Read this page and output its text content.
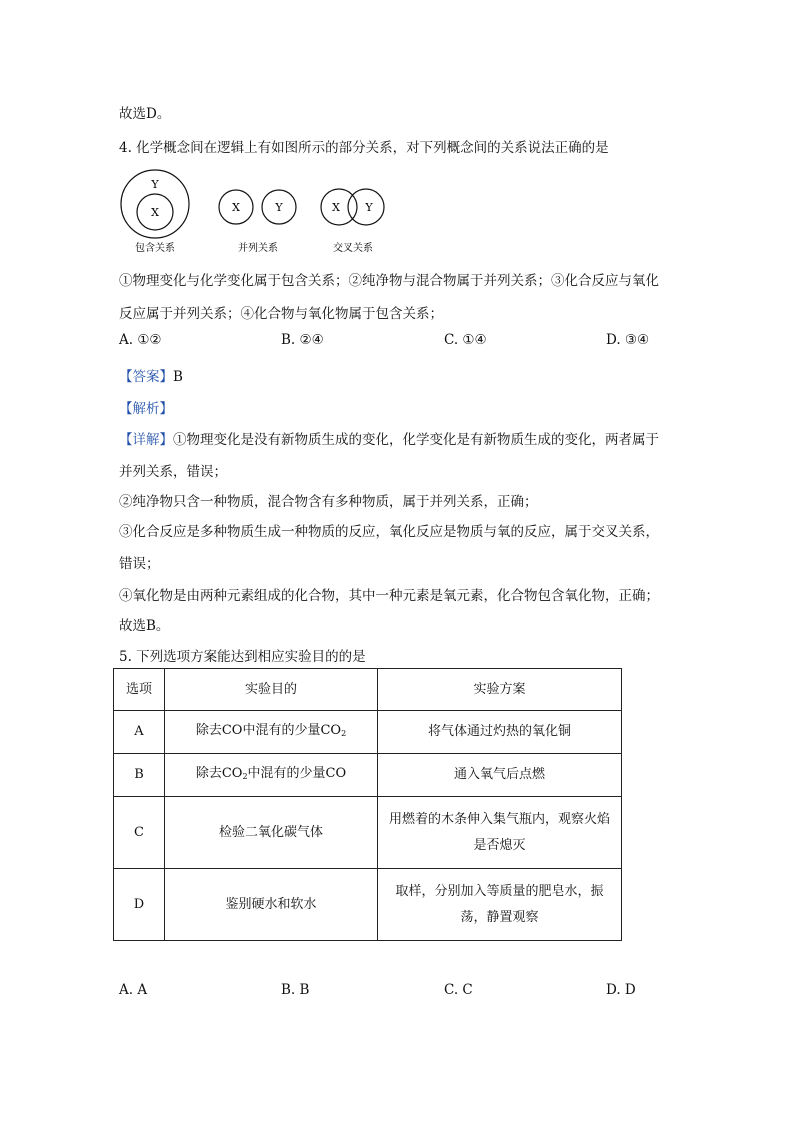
故选D。
4. 化学概念间在逻辑上有如图所示的部分关系，对下列概念间的关系说法正确的是
Y
X
包含关系
X	Y
并列关系
X Y
交叉关系
①物理变化与化学变化属于包含关系；②纯净物与混合物属于并列关系；③化合反应与氧化
反应属于并列关系；④化合物与氧化物属于包含关系；
A. ①②	B. ②④	C. ①④	D. ③④
【答案】B
【解析】
【详解】①物理变化是没有新物质生成的变化，化学变化是有新物质生成的变化，两者属于
并列关系，错误；
②纯净物只含一种物质，混合物含有多种物质，属于并列关系，正确；
③化合反应是多种物质生成一种物质的反应，氧化反应是物质与氧的反应，属于交叉关系，
错误；
④氧化物是由两种元素组成的化合物，其中一种元素是氧元素，化合物包含氧化物，正确；
故选B。
5. 下列选项方案能达到相应实验目的的是
选项	实验目的	实验方案
A	除去CO中混有的少量$CO_2$	将气体通过灼热的氧化铜
B	除去$CO_2$中混有的少量CO	通入氧气后点燃
C	检验二氧化碳气体	用燃着的木条伸入集气瓶内，观察火焰是否熄灭
D	鉴别硬水和软水	取样，分别加入等质量的肥皂水，振荡，静置观察
A. A	B. B	C. C	D. D
